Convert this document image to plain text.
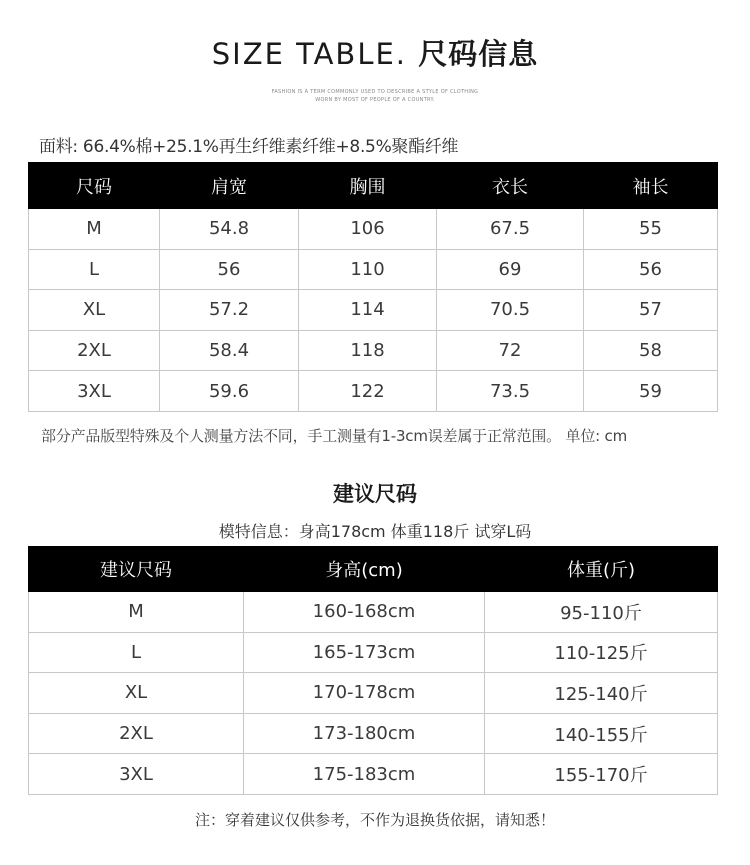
SIZE TABLE. 尺码信息
FASHION IS A TERM COMMONLY USED TO DESCRIBE A STYLE OF CLOTHING
WORN BY MOST OF PEOPLE OF A COUNTRY.
面料: 66.4%棉+25.1%再生纤维素纤维+8.5%聚酯纤维
尺码	肩宽	胸围	衣长	袖长
M	54.8	106	67.5	55
L	56	110	69	56
XL	57.2	114	70.5	57
2XL	58.4	118	72	58
3XL	59.6	122	73.5	59
部分产品版型特殊及个人测量方法不同，手工测量有1-3cm误差属于正常范围。 单位: cm
建议尺码
模特信息：身高178cm 体重118斤 试穿L码
建议尺码	身高(cm)	体重(斤)
M	160-168cm	95-110斤
L	165-173cm	110-125斤
XL	170-178cm	125-140斤
2XL	173-180cm	140-155斤
3XL	175-183cm	155-170斤
注：穿着建议仅供参考，不作为退换货依据，请知悉！
